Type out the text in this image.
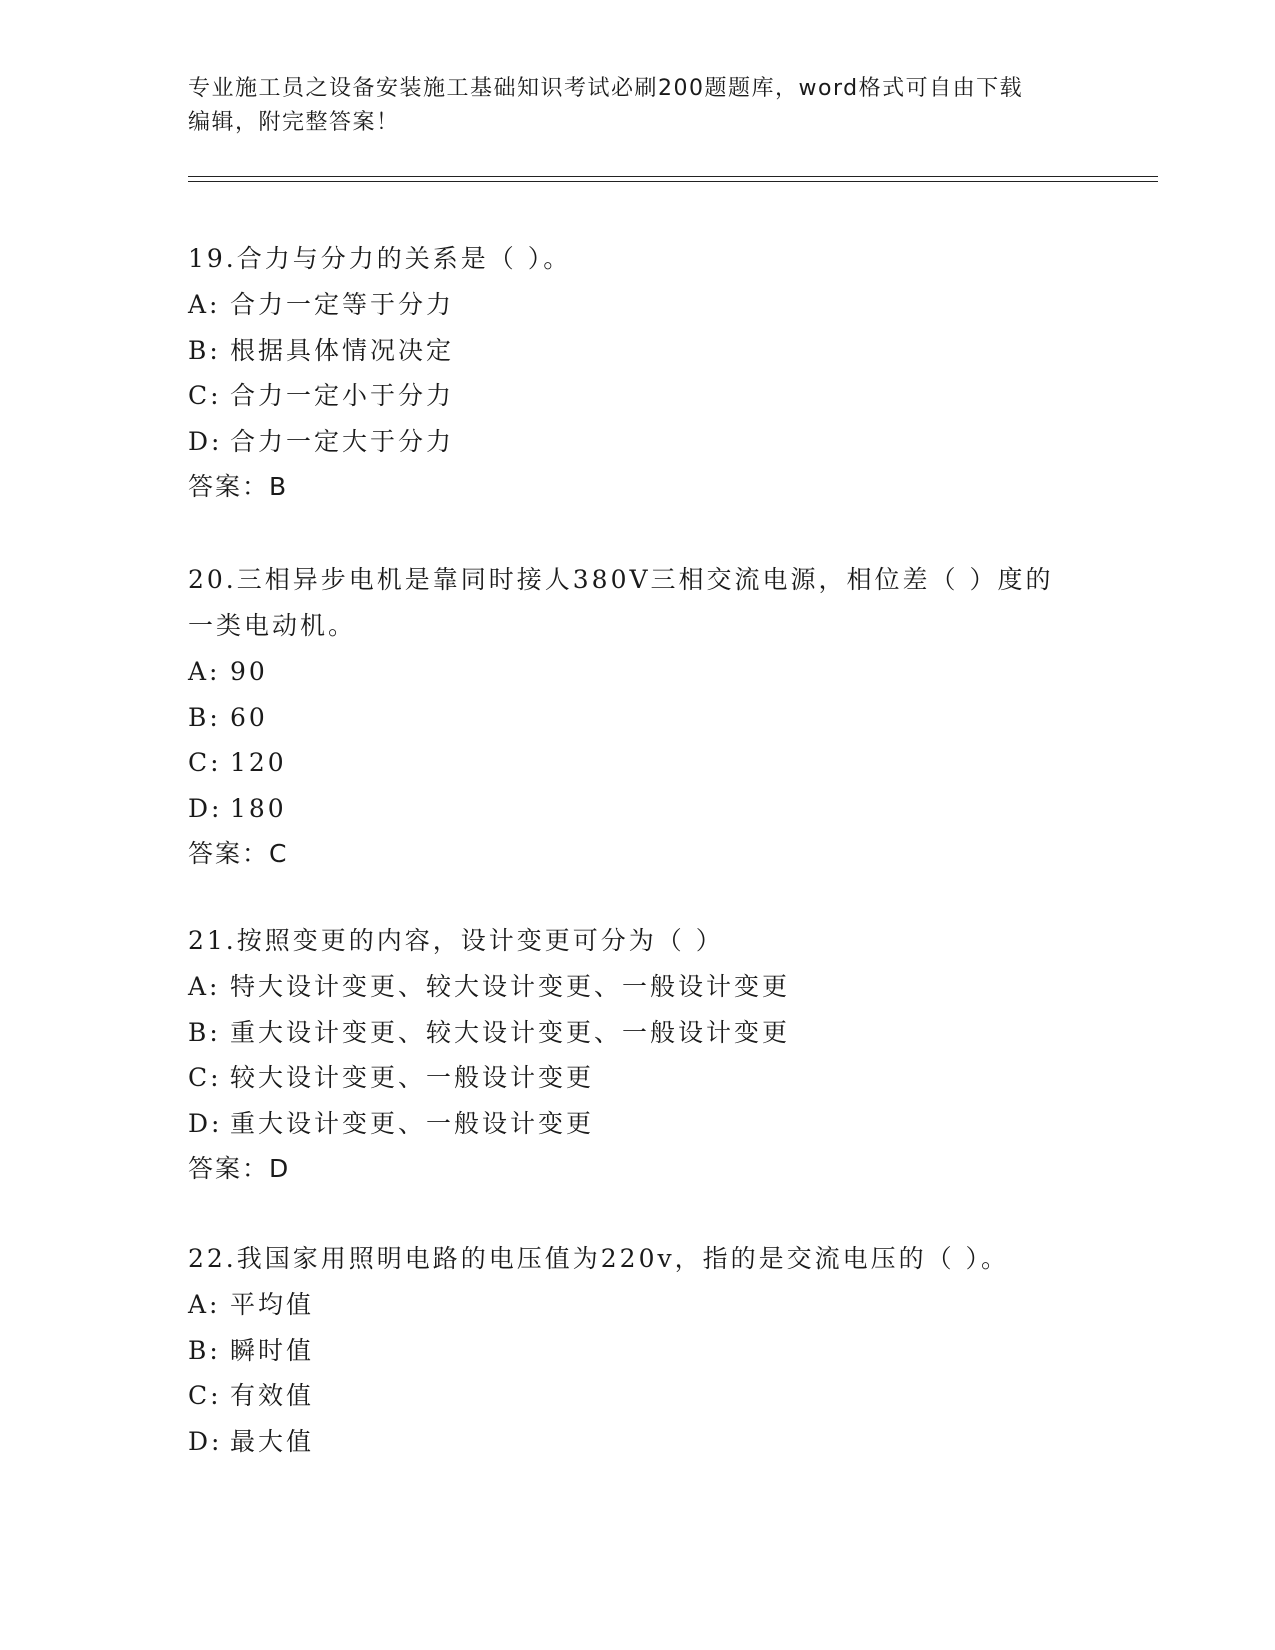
专业施工员之设备安装施工基础知识考试必刷200题题库，word格式可自由下载
编辑，附完整答案！

19.合力与分力的关系是（ ）。

A: 合力一定等于分力

B: 根据具体情况决定

C: 合力一定小于分力

D: 合力一定大于分力

答案：B

20.三相异步电机是靠同时接人380V三相交流电源，相位差（ ）度的

一类电动机。

A: 90

B: 60

C: 120

D: 180

答案：C

21.按照变更的内容，设计变更可分为（ ）

A: 特大设计变更、较大设计变更、一般设计变更

B: 重大设计变更、较大设计变更、一般设计变更

C: 较大设计变更、一般设计变更

D: 重大设计变更、一般设计变更

答案：D

22.我国家用照明电路的电压值为220v，指的是交流电压的（ ）。

A: 平均值

B: 瞬时值

C: 有效值

D: 最大值
